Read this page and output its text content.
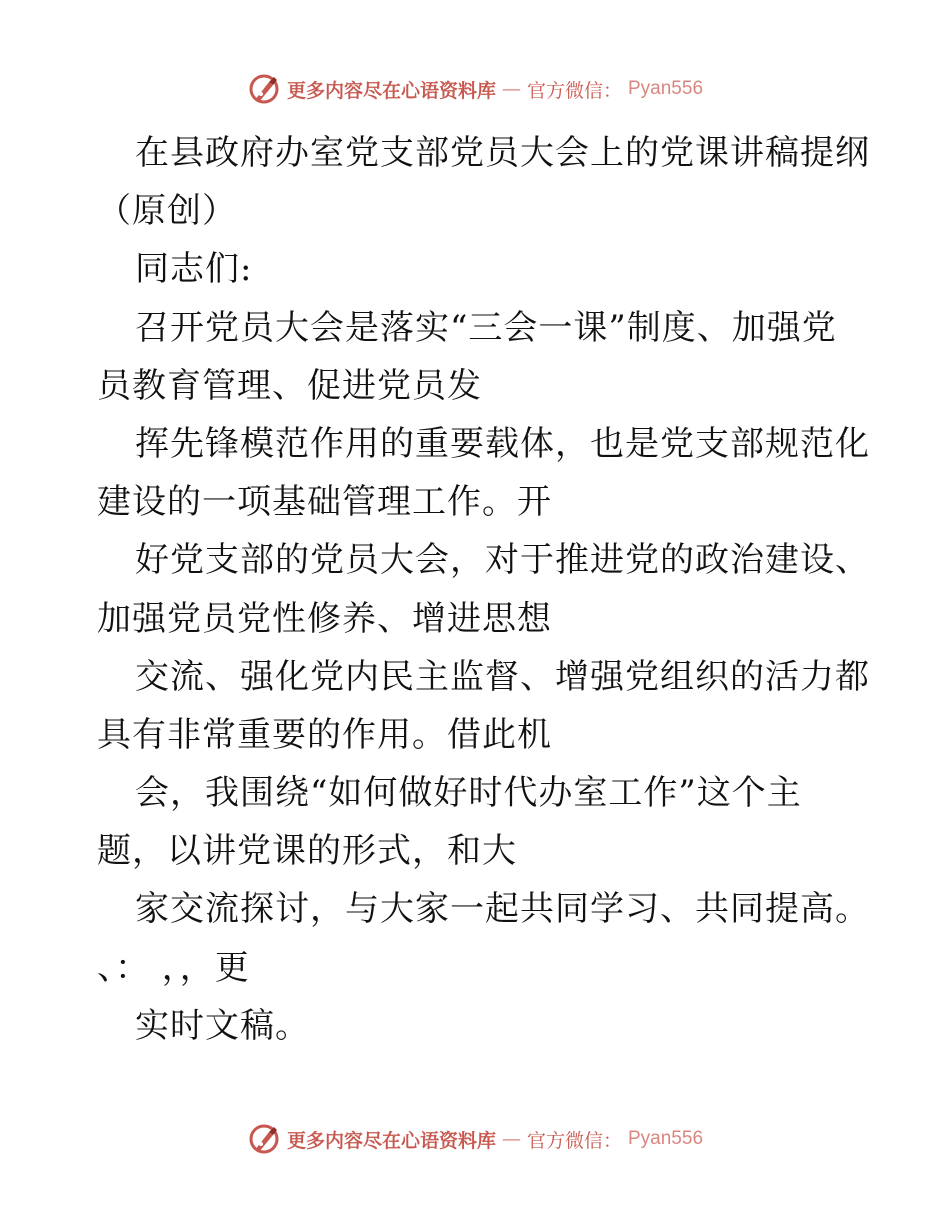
更多内容尽在心语资料库 — 官方微信： Pyan556
在县政府办室党支部党员大会上的党课讲稿提纲
（原创）
同志们:
召开党员大会是落实“三会一课”制度、加强党
员教育管理、促进党员发
挥先锋模范作用的重要载体，也是党支部规范化
建设的一项基础管理工作。开
好党支部的党员大会，对于推进党的政治建设、
加强党员党性修养、增进思想
交流、强化党内民主监督、增强党组织的活力都
具有非常重要的作用。借此机
会，我围绕“如何做好时代办室工作”这个主
题，以讲党课的形式，和大
家交流探讨，与大家一起共同学习、共同提高。
、： ，，更
实时文稿。
更多内容尽在心语资料库 — 官方微信： Pyan556
